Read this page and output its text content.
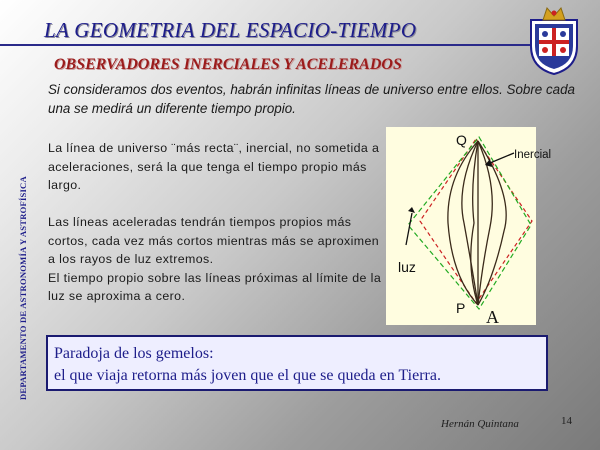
LA GEOMETRIA DEL ESPACIO-TIEMPO
DEPARTAMENTO DE ASTRONOMÍA Y ASTROFÍSICA
OBSERVADORES INERCIALES Y ACELERADOS
Si consideramos dos eventos, habrán infinitas líneas de universo entre ellos. Sobre cada una se medirá un diferente tiempo propio.
La línea de universo ¨más recta¨, inercial, no sometida a aceleraciones, será la que tenga el tiempo propio más largo.
Las líneas aceleradas tendrán tiempos propios más cortos, cada vez más cortos mientras más se aproximen a los rayos de luz extremos.
El tiempo propio sobre las líneas próximas al límite de la luz se aproxima a cero.
Q
Inercial
luz
P A
Paradoja de los gemelos:
el que viaja retorna más joven que el que se queda en Tierra.
Hernán Quintana	14
